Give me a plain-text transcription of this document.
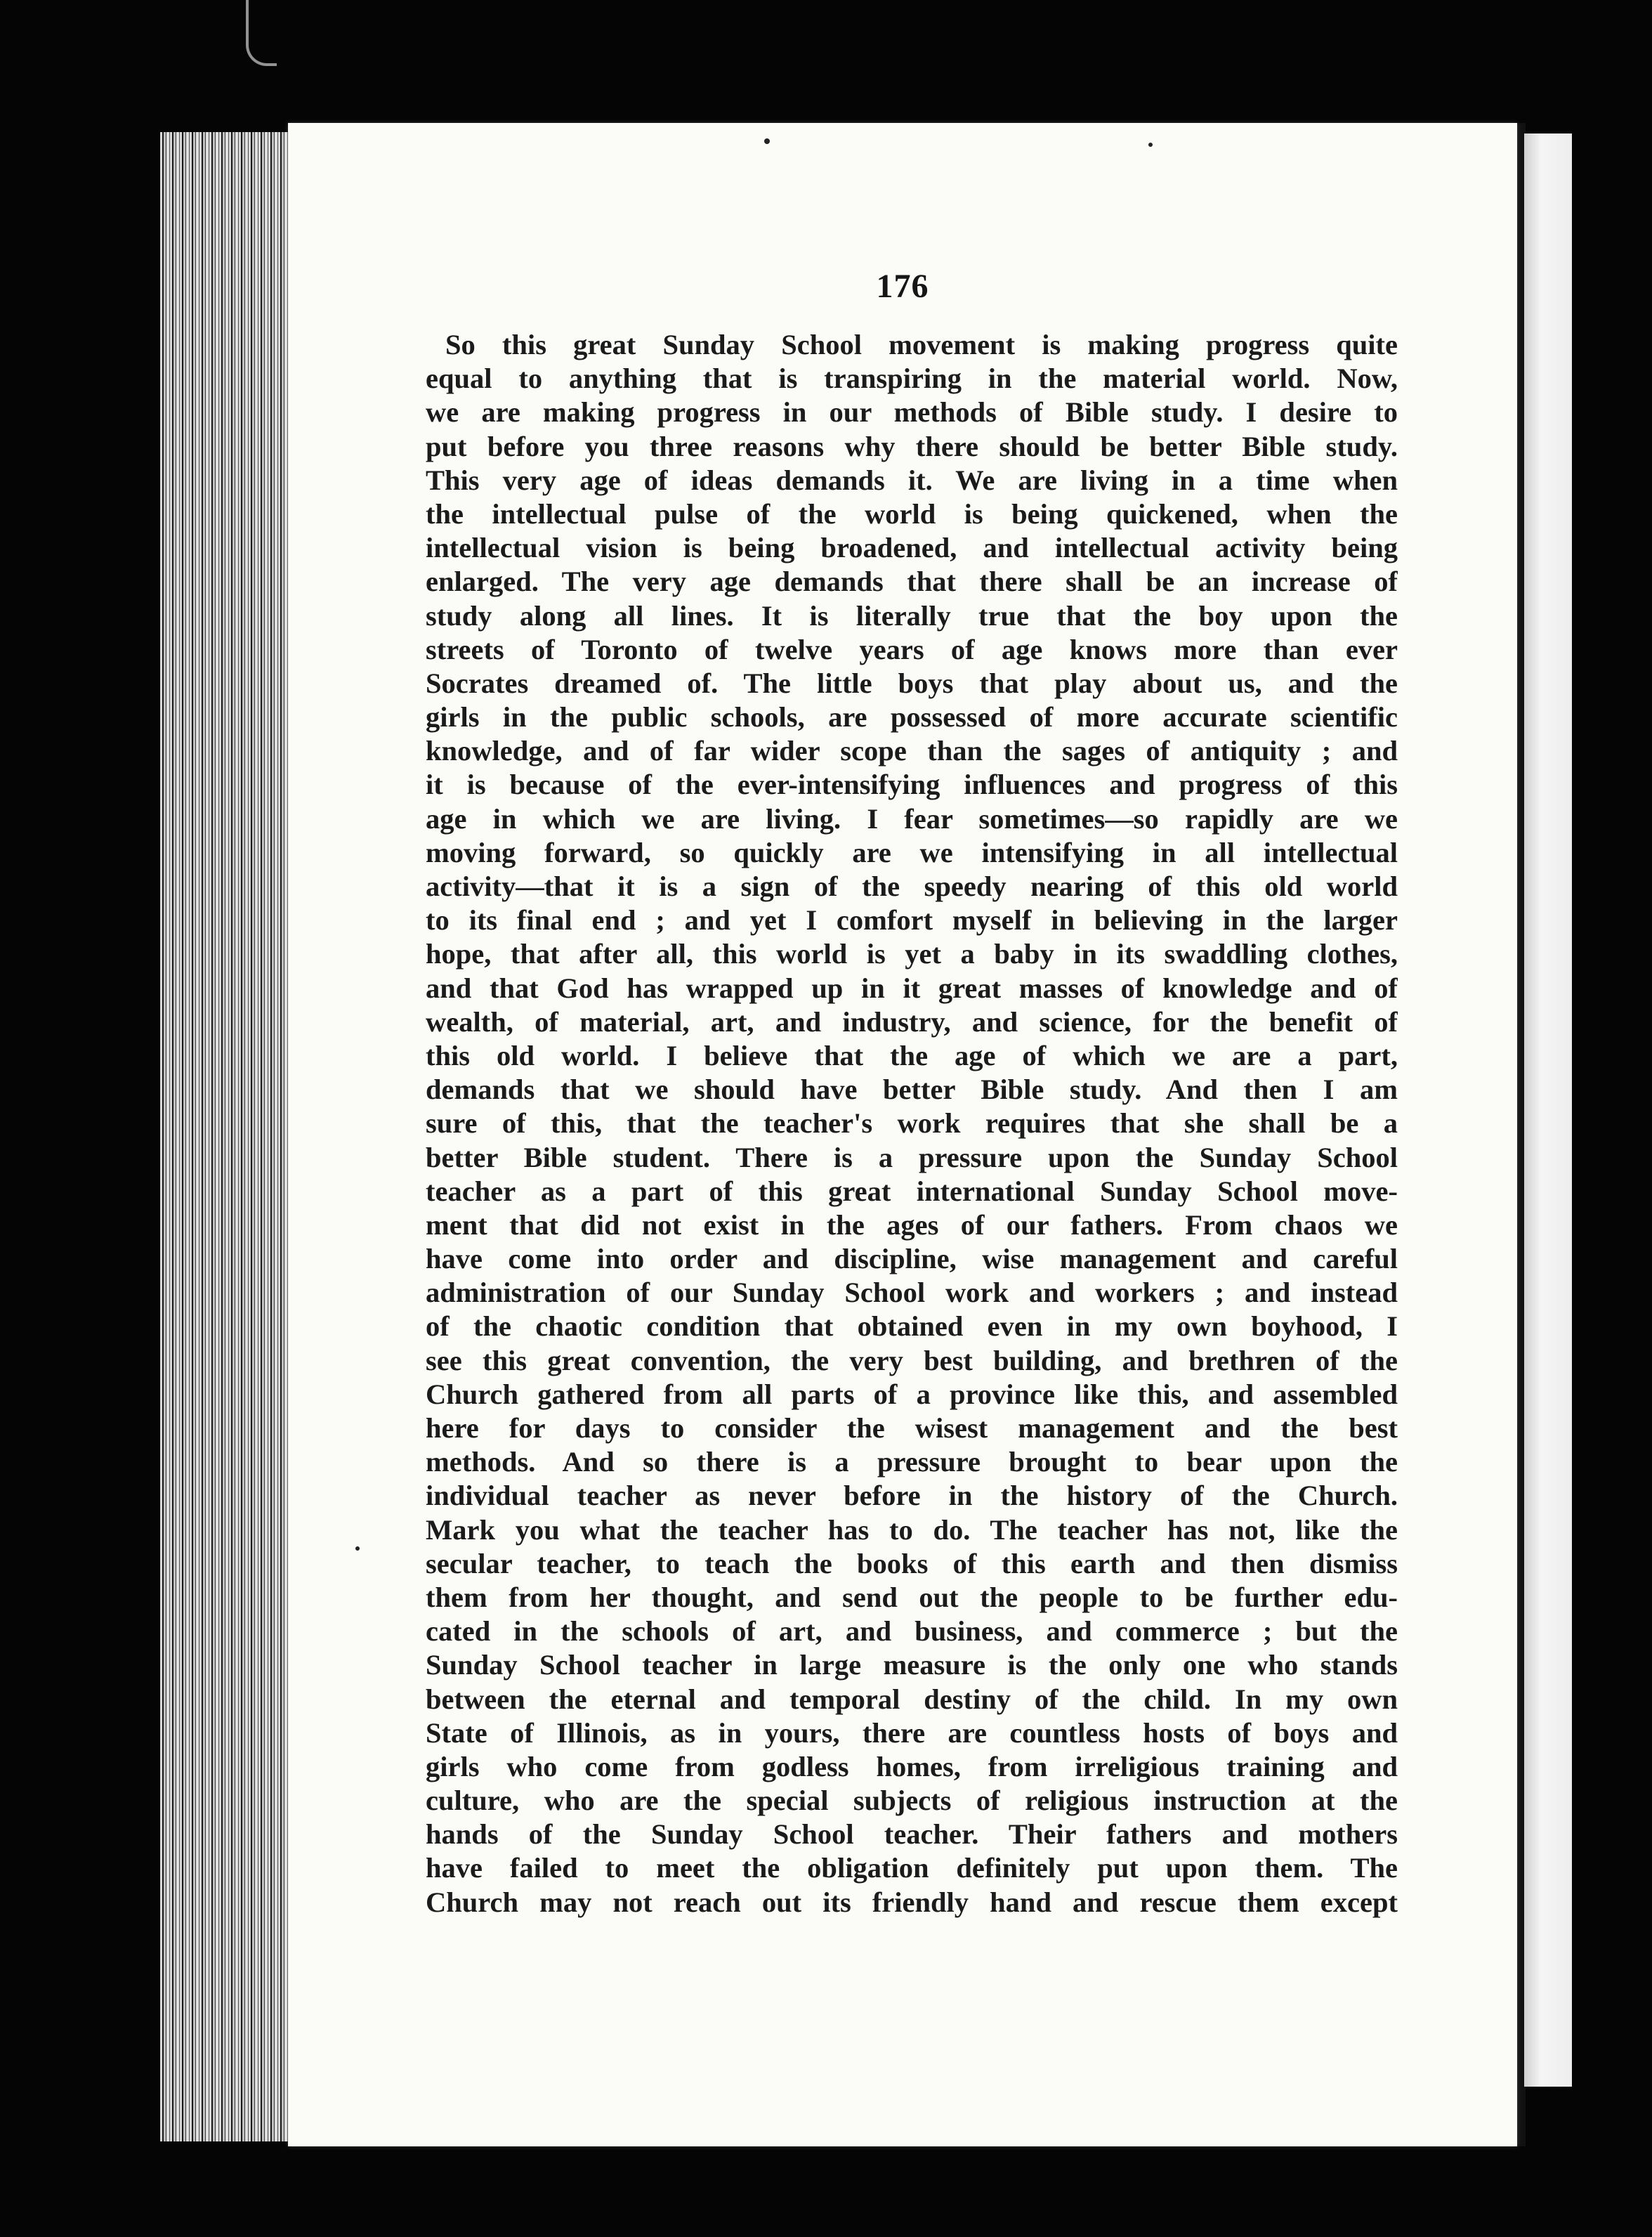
176
So this great Sunday School movement is making progress quite
equal to anything that is transpiring in the material world. Now,
we are making progress in our methods of Bible study. I desire to
put before you three reasons why there should be better Bible study.
This very age of ideas demands it. We are living in a time when
the intellectual pulse of the world is being quickened, when the
intellectual vision is being broadened, and intellectual activity being
enlarged. The very age demands that there shall be an increase of
study along all lines. It is literally true that the boy upon the
streets of Toronto of twelve years of age knows more than ever
Socrates dreamed of. The little boys that play about us, and the
girls in the public schools, are possessed of more accurate scientific
knowledge, and of far wider scope than the sages of antiquity ; and
it is because of the ever-intensifying influences and progress of this
age in which we are living. I fear sometimes—so rapidly are we
moving forward, so quickly are we intensifying in all intellectual
activity—that it is a sign of the speedy nearing of this old world
to its final end ; and yet I comfort myself in believing in the larger
hope, that after all, this world is yet a baby in its swaddling clothes,
and that God has wrapped up in it great masses of knowledge and of
wealth, of material, art, and industry, and science, for the benefit of
this old world. I believe that the age of which we are a part,
demands that we should have better Bible study. And then I am
sure of this, that the teacher's work requires that she shall be a
better Bible student. There is a pressure upon the Sunday School
teacher as a part of this great international Sunday School move-
ment that did not exist in the ages of our fathers. From chaos we
have come into order and discipline, wise management and careful
administration of our Sunday School work and workers ; and instead
of the chaotic condition that obtained even in my own boyhood, I
see this great convention, the very best building, and brethren of the
Church gathered from all parts of a province like this, and assembled
here for days to consider the wisest management and the best
methods. And so there is a pressure brought to bear upon the
individual teacher as never before in the history of the Church.
Mark you what the teacher has to do. The teacher has not, like the
secular teacher, to teach the books of this earth and then dismiss
them from her thought, and send out the people to be further edu-
cated in the schools of art, and business, and commerce ; but the
Sunday School teacher in large measure is the only one who stands
between the eternal and temporal destiny of the child. In my own
State of Illinois, as in yours, there are countless hosts of boys and
girls who come from godless homes, from irreligious training and
culture, who are the special subjects of religious instruction at the
hands of the Sunday School teacher. Their fathers and mothers
have failed to meet the obligation definitely put upon them. The
Church may not reach out its friendly hand and rescue them except
